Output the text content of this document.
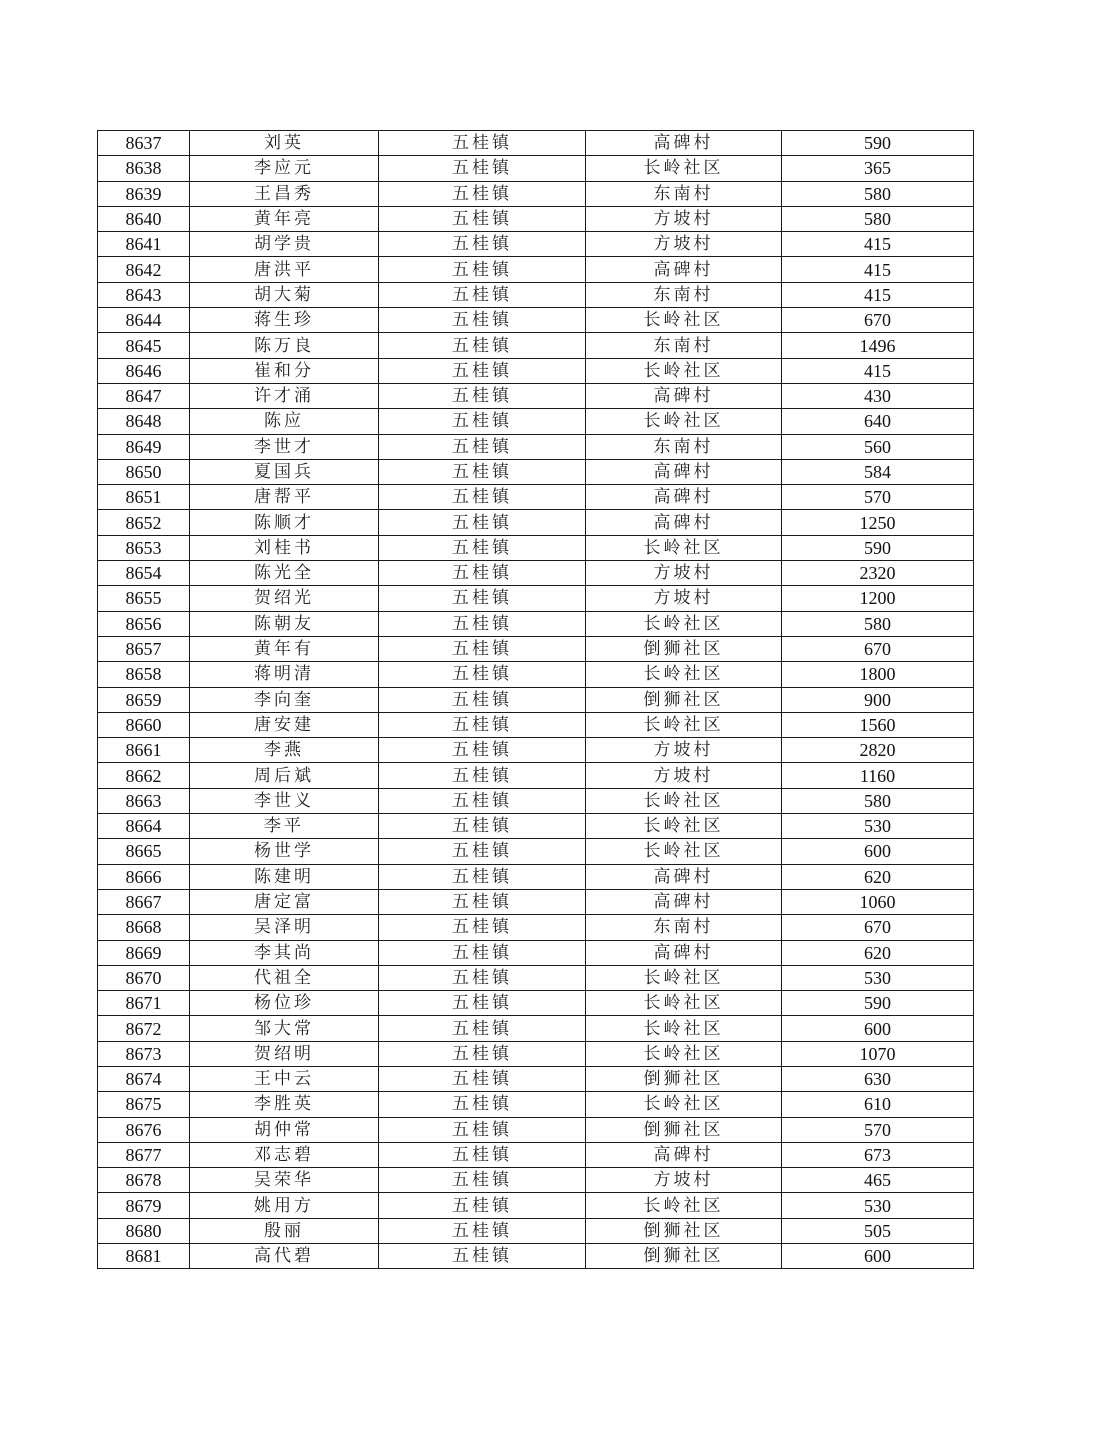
8637	刘英	五桂镇	高碑村	590
8638	李应元	五桂镇	长岭社区	365
8639	王昌秀	五桂镇	东南村	580
8640	黄年亮	五桂镇	方坡村	580
8641	胡学贵	五桂镇	方坡村	415
8642	唐洪平	五桂镇	高碑村	415
8643	胡大菊	五桂镇	东南村	415
8644	蒋生珍	五桂镇	长岭社区	670
8645	陈万良	五桂镇	东南村	1496
8646	崔和分	五桂镇	长岭社区	415
8647	许才涌	五桂镇	高碑村	430
8648	陈应	五桂镇	长岭社区	640
8649	李世才	五桂镇	东南村	560
8650	夏国兵	五桂镇	高碑村	584
8651	唐帮平	五桂镇	高碑村	570
8652	陈顺才	五桂镇	高碑村	1250
8653	刘桂书	五桂镇	长岭社区	590
8654	陈光全	五桂镇	方坡村	2320
8655	贺绍光	五桂镇	方坡村	1200
8656	陈朝友	五桂镇	长岭社区	580
8657	黄年有	五桂镇	倒狮社区	670
8658	蒋明清	五桂镇	长岭社区	1800
8659	李向奎	五桂镇	倒狮社区	900
8660	唐安建	五桂镇	长岭社区	1560
8661	李燕	五桂镇	方坡村	2820
8662	周后斌	五桂镇	方坡村	1160
8663	李世义	五桂镇	长岭社区	580
8664	李平	五桂镇	长岭社区	530
8665	杨世学	五桂镇	长岭社区	600
8666	陈建明	五桂镇	高碑村	620
8667	唐定富	五桂镇	高碑村	1060
8668	吴泽明	五桂镇	东南村	670
8669	李其尚	五桂镇	高碑村	620
8670	代祖全	五桂镇	长岭社区	530
8671	杨位珍	五桂镇	长岭社区	590
8672	邹大常	五桂镇	长岭社区	600
8673	贺绍明	五桂镇	长岭社区	1070
8674	王中云	五桂镇	倒狮社区	630
8675	李胜英	五桂镇	长岭社区	610
8676	胡仲常	五桂镇	倒狮社区	570
8677	邓志碧	五桂镇	高碑村	673
8678	吴荣华	五桂镇	方坡村	465
8679	姚用方	五桂镇	长岭社区	530
8680	殷丽	五桂镇	倒狮社区	505
8681	高代碧	五桂镇	倒狮社区	600
